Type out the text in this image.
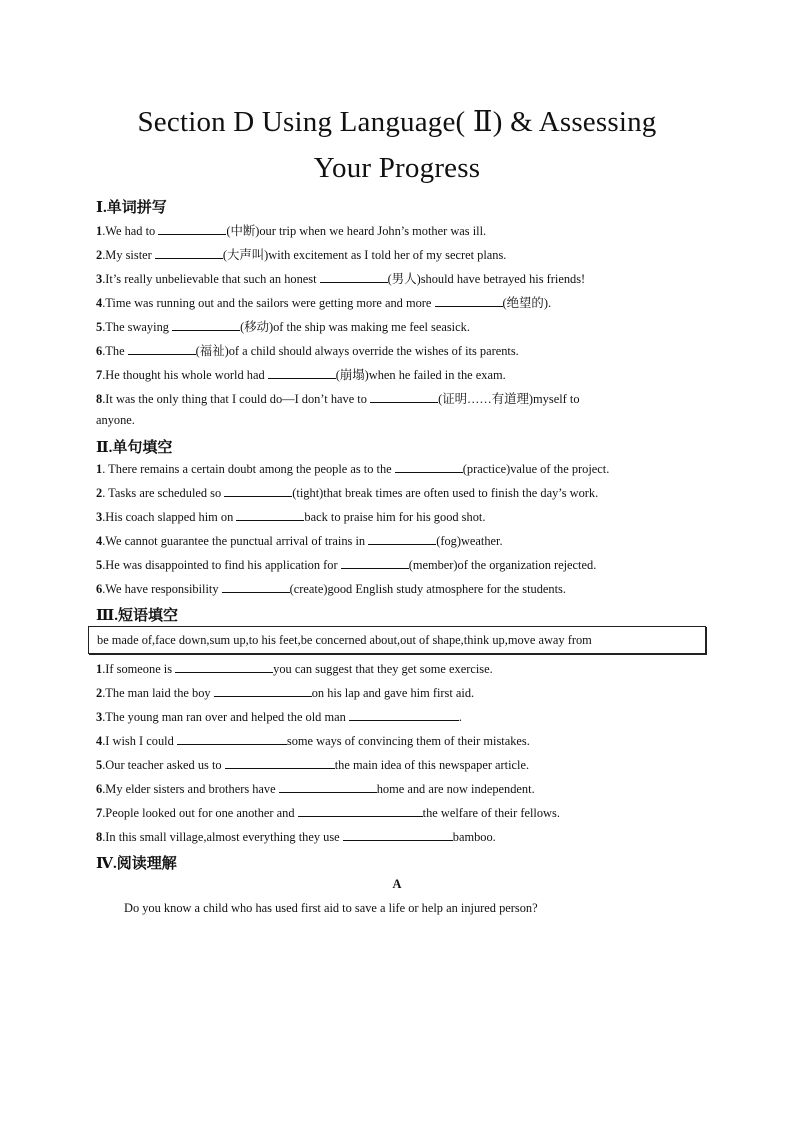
Section D Using Language( Ⅱ) & Assessing
Your Progress
Ⅰ.单词拼写
1.We had to	(中断)our trip when we heard John’s mother was ill.
2.My sister	(大声叫)with excitement as I told her of my secret plans.
3.It’s really unbelievable that such an honest	(男人)should have betrayed his friends!
4.Time was running out and the sailors were getting more and more	(绝望的).
5.The swaying	(移动)of the ship was making me feel seasick.
6.The	(福祉)of a child should always override the wishes of its parents.
7.He thought his whole world had	(崩塌)when he failed in the exam.
8.It was the only thing that I could do—I don’t have to	(证明……有道理)myself to
anyone.
Ⅱ.单句填空
1. There remains a certain doubt among the people as to the	(practice)value of the project.
2. Tasks are scheduled so	(tight)that break times are often used to finish the day’s work.
3.His coach slapped him on	back to praise him for his good shot.
4.We cannot guarantee the punctual arrival of trains in	(fog)weather.
5.He was disappointed to find his application for	(member)of the organization rejected.
6.We have responsibility	(create)good English study atmosphere for the students.
Ⅲ.短语填空
be made of,face down,sum up,to his feet,be concerned about,out of shape,think up,move away from
1.If someone is	you can suggest that they get some exercise.
2.The man laid the boy	on his lap and gave him first aid.
3.The young man ran over and helped the old man	.
4.I wish I could	some ways of convincing them of their mistakes.
5.Our teacher asked us to	the main idea of this newspaper article.
6.My elder sisters and brothers have	home and are now independent.
7.People looked out for one another and	the welfare of their fellows.
8.In this small village,almost everything they use	bamboo.
Ⅳ.阅读理解
A
Do you know a child who has used first aid to save a life or help an injured person?
